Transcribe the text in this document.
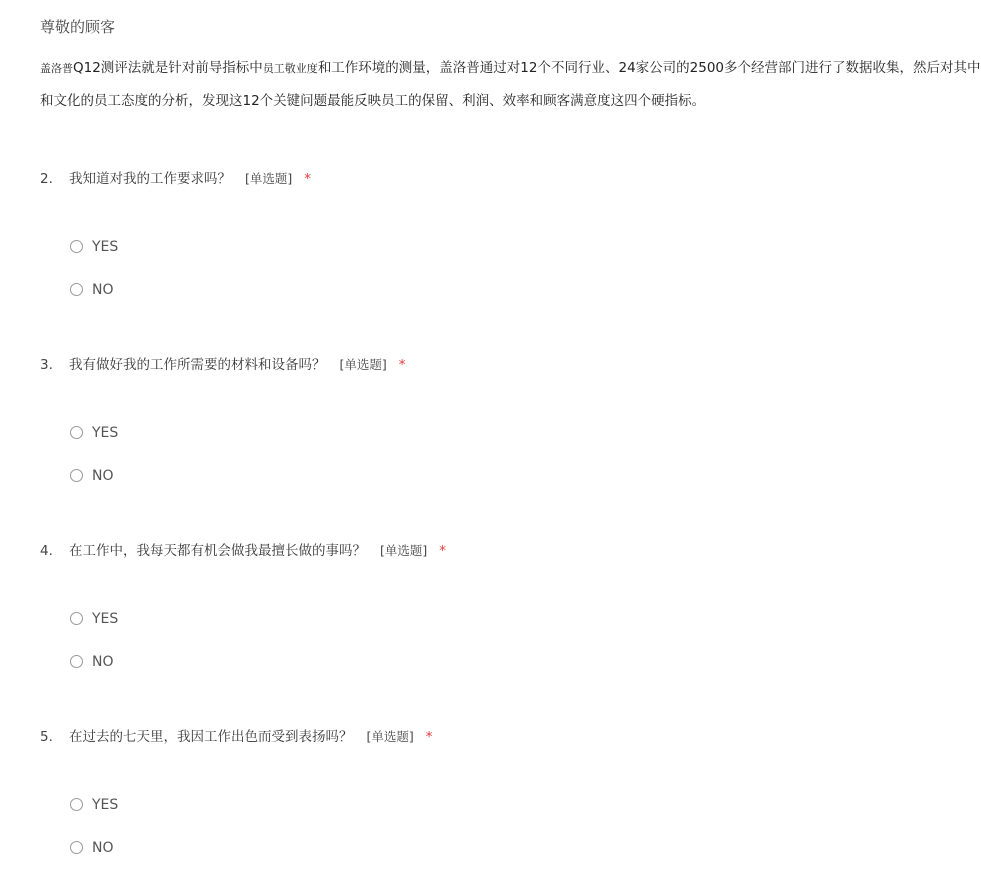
尊敬的顾客
盖洛普Q12测评法就是针对前导指标中员工敬业度和工作环境的测量，盖洛普通过对12个不同行业、24家公司的2500多个经营部门进行了数据收集，然后对其中
和文化的员工态度的分析，发现这12个关键问题最能反映员工的保留、利润、效率和顾客满意度这四个硬指标。
2. 我知道对我的工作要求吗？ [单选题] *
YES
NO
3. 我有做好我的工作所需要的材料和设备吗？ [单选题] *
YES
NO
4. 在工作中，我每天都有机会做我最擅长做的事吗？ [单选题] *
YES
NO
5. 在过去的七天里，我因工作出色而受到表扬吗？ [单选题] *
YES
NO
